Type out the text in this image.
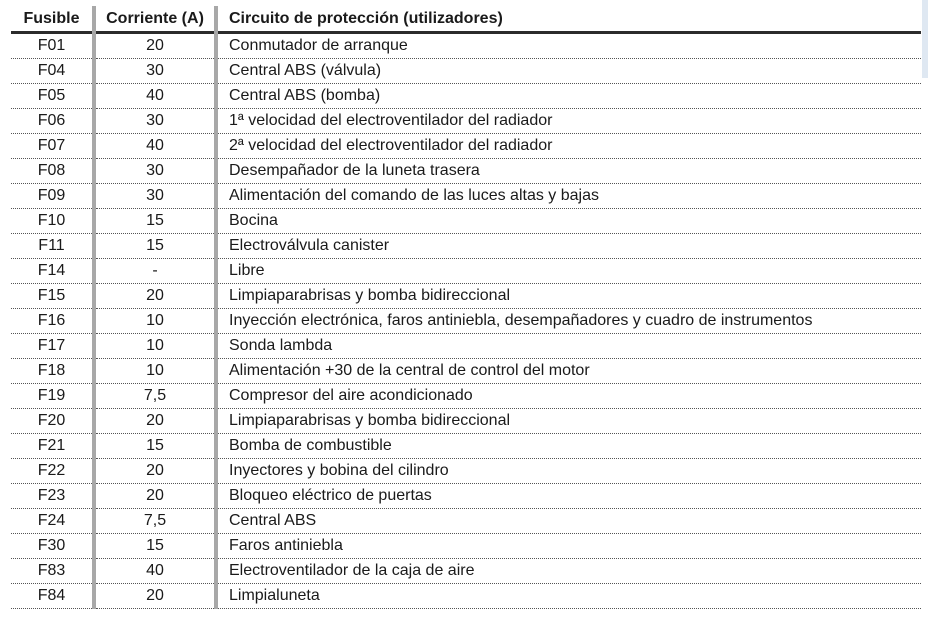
Fusible	Corriente (A)	Circuito de protección (utilizadores)
F01	20	Conmutador de arranque
F04	30	Central ABS (válvula)
F05	40	Central ABS (bomba)
F06	30	1ª velocidad del electroventilador del radiador
F07	40	2ª velocidad del electroventilador del radiador
F08	30	Desempañador de la luneta trasera
F09	30	Alimentación del comando de las luces altas y bajas
F10	15	Bocina
F11	15	Electroválvula canister
F14	-	Libre
F15	20	Limpiaparabrisas y bomba bidireccional
F16	10	Inyección electrónica, faros antiniebla, desempañadores y cuadro de instrumentos
F17	10	Sonda lambda
F18	10	Alimentación +30 de la central de control del motor
F19	7,5	Compresor del aire acondicionado
F20	20	Limpiaparabrisas y bomba bidireccional
F21	15	Bomba de combustible
F22	20	Inyectores y bobina del cilindro
F23	20	Bloqueo eléctrico de puertas
F24	7,5	Central ABS
F30	15	Faros antiniebla
F83	40	Electroventilador de la caja de aire
F84	20	Limpialuneta
